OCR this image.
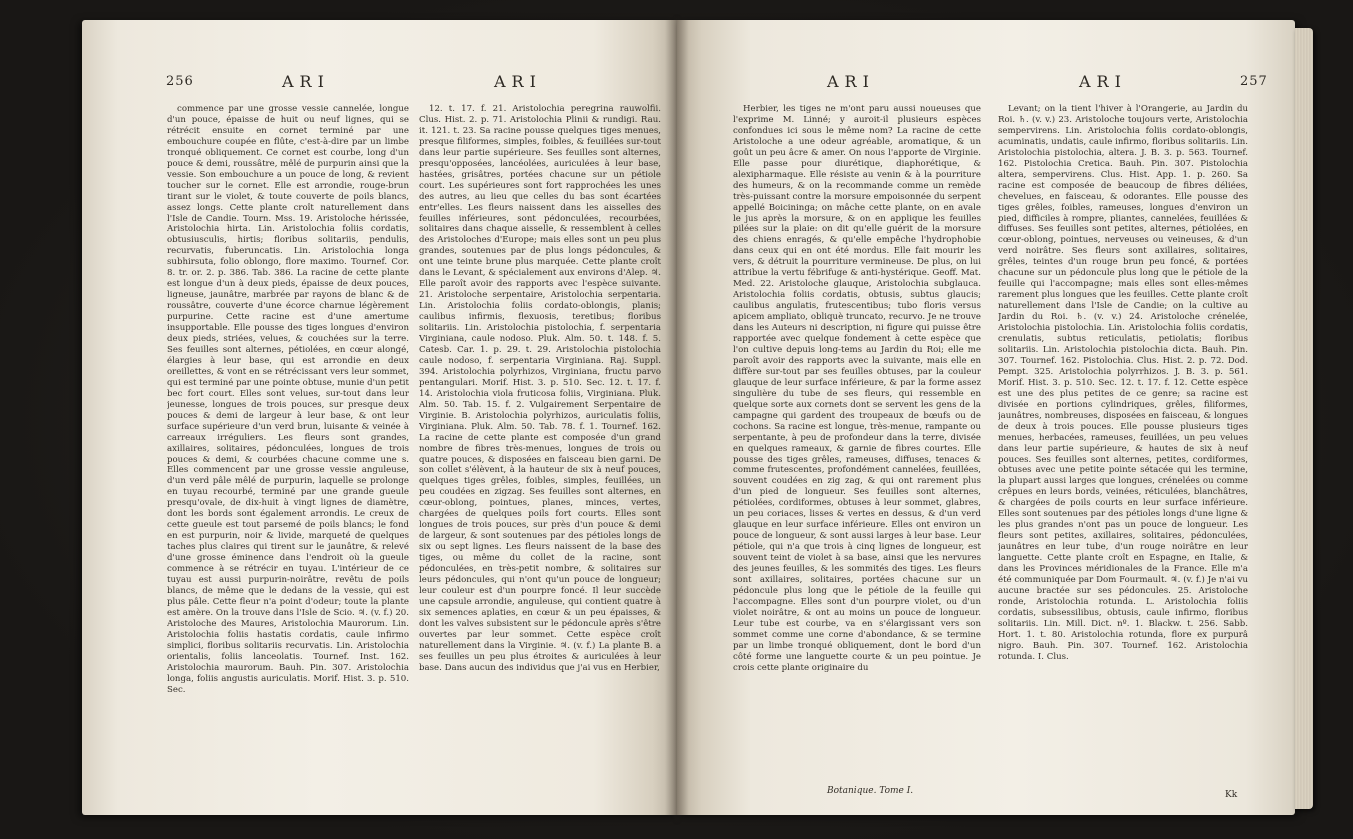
256	ARI	ARI

commence par une grosse vessie cannelée, longue d'un pouce, épaisse de huit ou neuf lignes, qui se rétrécit ensuite en cornet terminé par une embouchure coupée en flûte, c'est-à-dire par un limbe tronqué obliquement. Ce cornet est courbe, long d'un pouce & demi, roussâtre, mêlé de purpurin ainsi que la vessie. Son embouchure a un pouce de long, & revient toucher sur le cornet. Elle est arrondie, rouge-brun tirant sur le violet, & toute couverte de poils blancs, assez longs. Cette plante croît naturellement dans l'Isle de Candie. Tourn. Mss. 19. Aristoloche hérissée, Aristolochia hirta. Lin. Aristolochia foliis cordatis, obtusiusculis, hirtis; floribus solitariis, pendulis, recurvatis, fuberuncatis. Lin. Aristolochia longa subhirsuta, folio oblongo, flore maximo. Tournef. Cor. 8. tr. or. 2. p. 386. Tab. 386. La racine de cette plante est longue d'un à deux pieds, épaisse de deux pouces, ligneuse, jaunâtre, marbrée par rayons de blanc & de roussâtre, couverte d'une écorce charnue légèrement purpurine. Cette racine est d'une amertume insupportable. Elle pousse des tiges longues d'environ deux pieds, striées, velues, & couchées sur la terre. Ses feuilles sont alternes, pétiolées, en cœur alongé, élargies à leur base, qui est arrondie en deux oreillettes, & vont en se rétrécissant vers leur sommet, qui est terminé par une pointe obtuse, munie d'un petit bec fort court. Elles sont velues, sur-tout dans leur jeunesse, longues de trois pouces, sur presque deux pouces & demi de largeur à leur base, & ont leur surface supérieure d'un verd brun, luisante & veinée à carreaux irréguliers. Les fleurs sont grandes, axillaires, solitaires, pédonculées, longues de trois pouces & demi, & courbées chacune comme une s. Elles commencent par une grosse vessie anguleuse, d'un verd pâle mêlé de purpurin, laquelle se prolonge en tuyau recourbé, terminé par une grande gueule presqu'ovale, de dix-huit à vingt lignes de diamètre, dont les bords sont également arrondis. Le creux de cette gueule est tout parsemé de poils blancs; le fond en est purpurin, noir & livide, marqueté de quelques taches plus claires qui tirent sur le jaunâtre, & relevé d'une grosse éminence dans l'endroit où la gueule commence à se rétrécir en tuyau. L'intérieur de ce tuyau est aussi purpurin-noirâtre, revêtu de poils blancs, de même que le dedans de la vessie, qui est plus pâle. Cette fleur n'a point d'odeur; toute la plante est amère. On la trouve dans l'Isle de Scio. ♃. (v. f.) 20. Aristoloche des Maures, Aristolochia Maurorum. Lin. Aristolochia foliis hastatis cordatis, caule infirmo simplici, floribus solitariis recurvatis. Lin. Aristolochia orientalis, foliis lanceolatis. Tournef. Inst. 162. Aristolochia maurorum. Bauh. Pin. 307. Aristolochia longa, foliis angustis auriculatis. Morif. Hist. 3. p. 510. Sec.

12. t. 17. f. 21. Aristolochia peregrina rauwolfii. Clus. Hist. 2. p. 71. Aristolochia Plinii & rundigi. Rau. it. 121. t. 23. Sa racine pousse quelques tiges menues, presque filiformes, simples, foibles, & feuillées sur-tout dans leur partie supérieure. Ses feuilles sont alternes, presqu'opposées, lancéolées, auriculées à leur base, hastées, grisâtres, portées chacune sur un pétiole court. Les supérieures sont fort rapprochées les unes des autres, au lieu que celles du bas sont écartées entr'elles. Les fleurs naissent dans les aisselles des feuilles inférieures, sont pédonculées, recourbées, solitaires dans chaque aisselle, & ressemblent à celles des Aristoloches d'Europe; mais elles sont un peu plus grandes, soutenues par de plus longs pédoncules, & ont une teinte brune plus marquée. Cette plante croît dans le Levant, & spécialement aux environs d'Alep. ♃. Elle paroît avoir des rapports avec l'espèce suivante. 21. Aristoloche serpentaire, Aristolochia serpentaria. Lin. Aristolochia foliis cordato-oblongis, planis; caulibus infirmis, flexuosis, teretibus; floribus solitariis. Lin. Aristolochia pistolochia, f. serpentaria Virginiana, caule nodoso. Pluk. Alm. 50. t. 148. f. 5. Catesb. Car. 1. p. 29. t. 29. Aristolochia pistolochia caule nodoso, f. serpentaria Virginiana. Raj. Suppl. 394. Aristolochia polyrhizos, Virginiana, fructu parvo pentangulari. Morif. Hist. 3. p. 510. Sec. 12. t. 17. f. 14. Aristolochia viola fruticosa foliis, Virginiana. Pluk. Alm. 50. Tab. 15. f. 2. Vulgairement Serpentaire de Virginie. B. Aristolochia polyrhizos, auriculatis foliis, Virginiana. Pluk. Alm. 50. Tab. 78. f. 1. Tournef. 162. La racine de cette plante est composée d'un grand nombre de fibres très-menues, longues de trois ou quatre pouces, & disposées en faisceau bien garni. De son collet s'élèvent, à la hauteur de six à neuf pouces, quelques tiges grêles, foibles, simples, feuillées, un peu coudées en zigzag. Ses feuilles sont alternes, en cœur-oblong, pointues, planes, minces, vertes, chargées de quelques poils fort courts. Elles sont longues de trois pouces, sur près d'un pouce & demi de largeur, & sont soutenues par des pétioles longs de six ou sept lignes. Les fleurs naissent de la base des tiges, ou même du collet de la racine, sont pédonculées, en très-petit nombre, & solitaires sur leurs pédoncules, qui n'ont qu'un pouce de longueur; leur couleur est d'un pourpre foncé. Il leur succède une capsule arrondie, anguleuse, qui contient quatre à six semences aplaties, en cœur & un peu épaisses, & dont les valves subsistent sur le pédoncule après s'être ouvertes par leur sommet. Cette espèce croît naturellement dans la Virginie. ♃. (v. f.) La plante B. a ses feuilles un peu plus étroites & auriculées à leur base. Dans aucun des individus que j'ai vus en Herbier,

ARI	ARI	257

Herbier, les tiges ne m'ont paru aussi noueuses que l'exprime M. Linné; y auroit-il plusieurs espèces confondues ici sous le même nom? La racine de cette Aristoloche a une odeur agréable, aromatique, & un goût un peu âcre & amer. On nous l'apporte de Virginie. Elle passe pour diurétique, diaphorétique, & alexipharmaque. Elle résiste au venin & à la pourriture des humeurs, & on la recommande comme un remède très-puissant contre la morsure empoisonnée du serpent appellé Boicininga; on mâche cette plante, on en avale le jus après la morsure, & on en applique les feuilles pilées sur la plaie: on dit qu'elle guérit de la morsure des chiens enragés, & qu'elle empêche l'hydrophobie dans ceux qui en ont été mordus. Elle fait mourir les vers, & détruit la pourriture vermineuse. De plus, on lui attribue la vertu fébrifuge & anti-hystérique. Geoff. Mat. Med. 22. Aristoloche glauque, Aristolochia subglauca. Aristolochia foliis cordatis, obtusis, subtus glaucis; caulibus angulatis, frutescentibus; tubo floris versus apicem ampliato, obliquè truncato, recurvo. Je ne trouve dans les Auteurs ni description, ni figure qui puisse être rapportée avec quelque fondement à cette espèce que l'on cultive depuis long-tems au Jardin du Roi; elle me paroît avoir des rapports avec la suivante, mais elle en diffère sur-tout par ses feuilles obtuses, par la couleur glauque de leur surface inférieure, & par la forme assez singulière du tube de ses fleurs, qui ressemble en quelque sorte aux cornets dont se servent les gens de la campagne qui gardent des troupeaux de bœufs ou de cochons. Sa racine est longue, très-menue, rampante ou serpentante, à peu de profondeur dans la terre, divisée en quelques rameaux, & garnie de fibres courtes. Elle pousse des tiges grêles, rameuses, diffuses, tenaces & comme frutescentes, profondément cannelées, feuillées, souvent coudées en zig zag, & qui ont rarement plus d'un pied de longueur. Ses feuilles sont alternes, pétiolées, cordiformes, obtuses à leur sommet, glabres, un peu coriaces, lisses & vertes en dessus, & d'un verd glauque en leur surface inférieure. Elles ont environ un pouce de longueur, & sont aussi larges à leur base. Leur pétiole, qui n'a que trois à cinq lignes de longueur, est souvent teint de violet à sa base, ainsi que les nervures des jeunes feuilles, & les sommités des tiges. Les fleurs sont axillaires, solitaires, portées chacune sur un pédoncule plus long que le pétiole de la feuille qui l'accompagne. Elles sont d'un pourpre violet, ou d'un violet noirâtre, & ont au moins un pouce de longueur. Leur tube est courbe, va en s'élargissant vers son sommet comme une corne d'abondance, & se termine par un limbe tronqué obliquement, dont le bord d'un côté forme une languette courte & un peu pointue. Je crois cette plante originaire du

Levant; on la tient l'hiver à l'Orangerie, au Jardin du Roi. ♄. (v. v.) 23. Aristoloche toujours verte, Aristolochia sempervirens. Lin. Aristolochia foliis cordato-oblongis, acuminatis, undatis, caule infirmo, floribus solitariis. Lin. Aristolochia pistolochia, altera. J. B. 3. p. 563. Tournef. 162. Pistolochia Cretica. Bauh. Pin. 307. Pistolochia altera, sempervirens. Clus. Hist. App. 1. p. 260. Sa racine est composée de beaucoup de fibres déliées, chevelues, en faisceau, & odorantes. Elle pousse des tiges grêles, foibles, rameuses, longues d'environ un pied, difficiles à rompre, pliantes, cannelées, feuillées & diffuses. Ses feuilles sont petites, alternes, pétiolées, en cœur-oblong, pointues, nerveuses ou veineuses, & d'un verd noirâtre. Ses fleurs sont axillaires, solitaires, grêles, teintes d'un rouge brun peu foncé, & portées chacune sur un pédoncule plus long que le pétiole de la feuille qui l'accompagne; mais elles sont elles-mêmes rarement plus longues que les feuilles. Cette plante croît naturellement dans l'Isle de Candie; on la cultive au Jardin du Roi. ♄. (v. v.) 24. Aristoloche crénelée, Aristolochia pistolochia. Lin. Aristolochia foliis cordatis, crenulatis, subtus reticulatis, petiolatis; floribus solitariis. Lin. Aristolochia pistolochia dicta. Bauh. Pin. 307. Tournef. 162. Pistolochia. Clus. Hist. 2. p. 72. Dod. Pempt. 325. Aristolochia polyrrhizos. J. B. 3. p. 561. Morif. Hist. 3. p. 510. Sec. 12. t. 17. f. 12. Cette espèce est une des plus petites de ce genre; sa racine est divisée en portions cylindriques, grêles, filiformes, jaunâtres, nombreuses, disposées en faisceau, & longues de deux à trois pouces. Elle pousse plusieurs tiges menues, herbacées, rameuses, feuillées, un peu velues dans leur partie supérieure, & hautes de six à neuf pouces. Ses feuilles sont alternes, petites, cordiformes, obtuses avec une petite pointe sétacée qui les termine, la plupart aussi larges que longues, crénelées ou comme crêpues en leurs bords, veinées, réticulées, blanchâtres, & chargées de poils courts en leur surface inférieure. Elles sont soutenues par des pétioles longs d'une ligne & les plus grandes n'ont pas un pouce de longueur. Les fleurs sont petites, axillaires, solitaires, pédonculées, jaunâtres en leur tube, d'un rouge noirâtre en leur languette. Cette plante croît en Espagne, en Italie, & dans les Provinces méridionales de la France. Elle m'a été communiquée par Dom Fourmault. ♃. (v. f.) Je n'ai vu aucune bractée sur ses pédoncules. 25. Aristoloche ronde, Aristolochia rotunda. L. Aristolochia foliis cordatis, subsessilibus, obtusis, caule infirmo, floribus solitariis. Lin. Mill. Dict. nº. 1. Blackw. t. 256. Sabb. Hort. 1. t. 80. Aristolochia rotunda, flore ex purpurâ nigro. Bauh. Pin. 307. Tournef. 162. Aristolochia rotunda. I. Clus.

Botanique. Tome I.	Kk
